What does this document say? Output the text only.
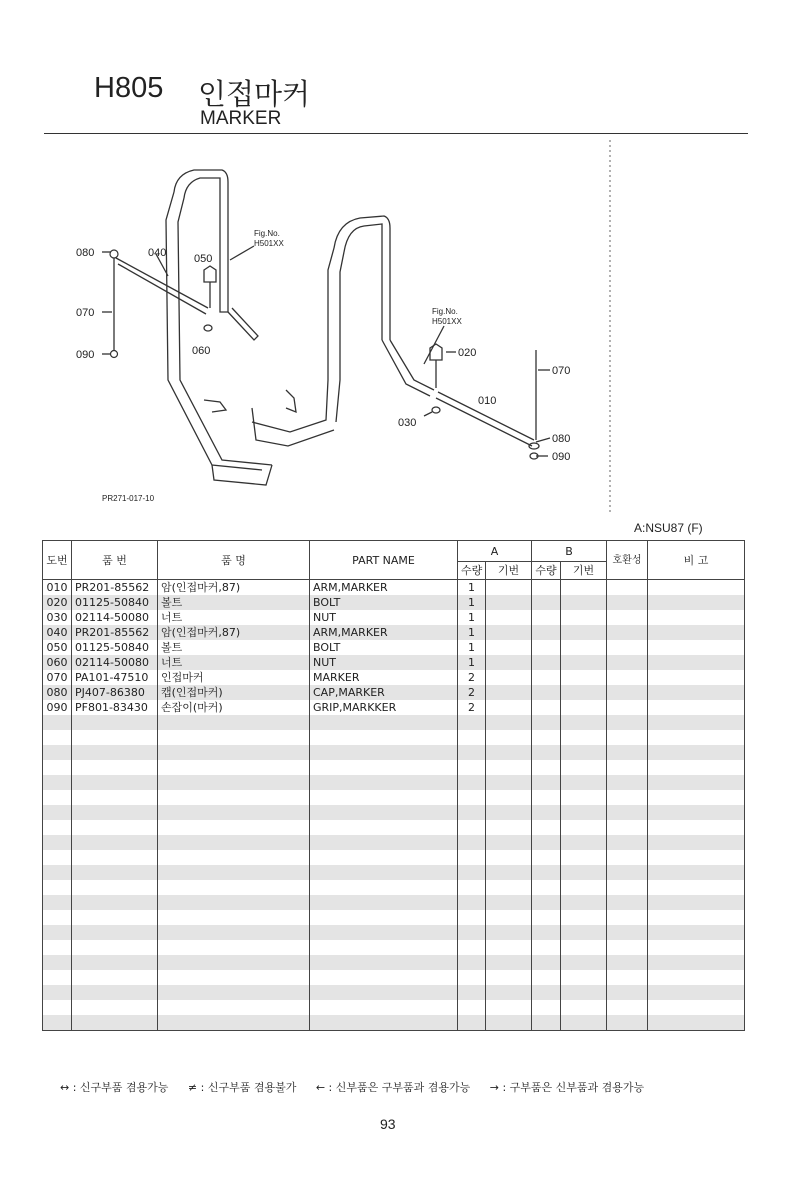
H805 인접마커
MARKER
080	040	050
070
060
090	020
070
010
030
080
090
Fig.No.
H501XX
Fig.No.
H501XX
PR271-017-10
A:NSU87 (F)
도번	품 번	품 명	PART NAME	A		B		호환성	비 고
				수량	기번	수량	기번		
010	PR201-85562	암(인접마커,87)	ARM,MARKER	1					
020	01125-50840	볼트	BOLT	1					
030	02114-50080	너트	NUT	1					
040	PR201-85562	암(인접마커,87)	ARM,MARKER	1					
050	01125-50840	볼트	BOLT	1					
060	02114-50080	너트	NUT	1					
070	PA101-47510	인접마커	MARKER	2					
080	PJ407-86380	캡(인접마커)	CAP,MARKER	2					
090	PF801-83430	손잡이(마커)	GRIP,MARKKER	2					

↔ : 신구부품 겸용가능 ≠ : 신구부품 겸용불가 ← : 신부품은 구부품과 겸용가능 → : 구부품은 신부품과 겸용가능
93
